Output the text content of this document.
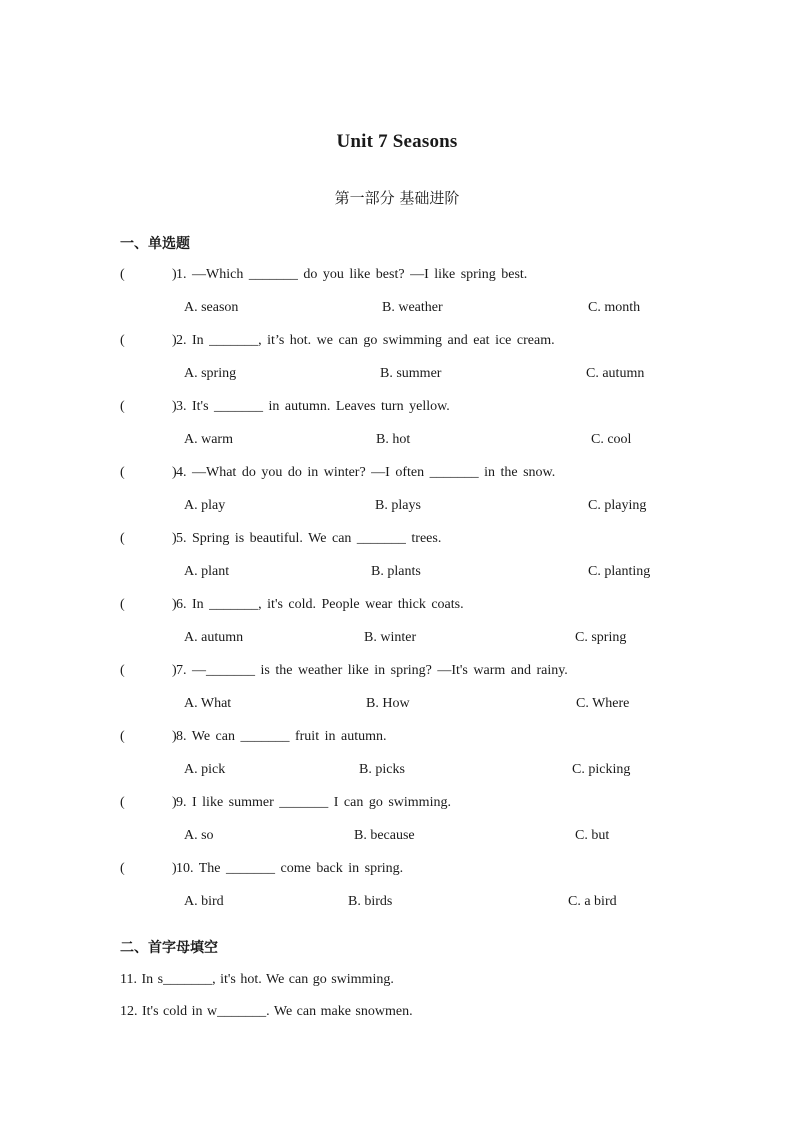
Unit 7 Seasons
第一部分 基础进阶
一、单选题
(	) 1. —Which _______ do you like best? —I like spring best.
A. season	B. weather	C. month
(	) 2. In _______, it’s hot. we can go swimming and eat ice cream.
A. spring	B. summer	C. autumn
(	) 3. It's _______ in autumn. Leaves turn yellow.
A. warm	B. hot	C. cool
(	) 4. —What do you do in winter? —I often _______ in the snow.
A. play	B. plays	C. playing
(	) 5. Spring is beautiful. We can _______ trees.
A. plant	B. plants	C. planting
(	) 6. In _______, it's cold. People wear thick coats.
A. autumn	B. winter	C. spring
(	) 7. —_______ is the weather like in spring? —It's warm and rainy.
A. What	B. How	C. Where
(	) 8. We can _______ fruit in autumn.
A. pick	B. picks	C. picking
(	) 9. I like summer _______ I can go swimming.
A. so	B. because	C. but
(	) 10. The _______ come back in spring.
A. bird	B. birds	C. a bird
二、首字母填空
11. In s_______, it's hot. We can go swimming.
12. It's cold in w_______. We can make snowmen.
